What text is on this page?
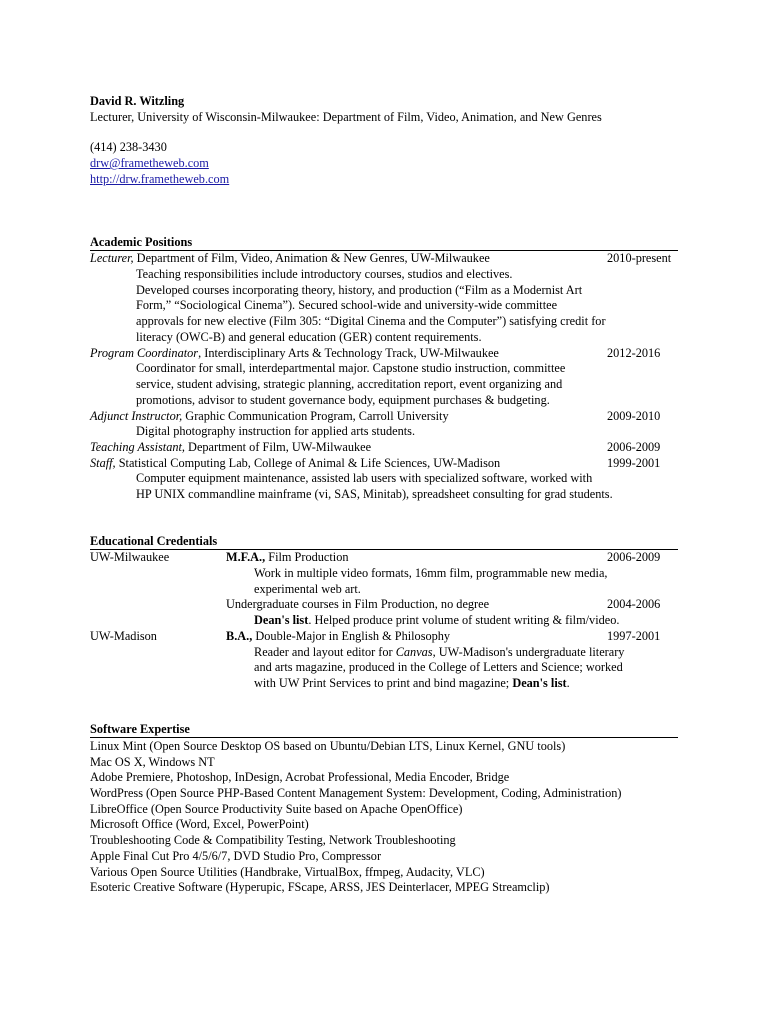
David R. Witzling
Lecturer, University of Wisconsin-Milwaukee: Department of Film, Video, Animation, and New Genres
(414) 238-3430
drw@frametheweb.com
http://drw.frametheweb.com
Academic Positions
Lecturer, Department of Film, Video, Animation & New Genres, UW-Milwaukee	2010-present
Teaching responsibilities include introductory courses, studios and electives.
Developed courses incorporating theory, history, and production (“Film as a Modernist Art
Form,” “Sociological Cinema”). Secured school-wide and university-wide committee
approvals for new elective (Film 305: “Digital Cinema and the Computer”) satisfying credit for
literacy (OWC-B) and general education (GER) content requirements.
Program Coordinator, Interdisciplinary Arts & Technology Track, UW-Milwaukee	2012-2016
Coordinator for small, interdepartmental major. Capstone studio instruction, committee
service, student advising, strategic planning, accreditation report, event organizing and
promotions, advisor to student governance body, equipment purchases & budgeting.
Adjunct Instructor, Graphic Communication Program, Carroll University	2009-2010
Digital photography instruction for applied arts students.
Teaching Assistant, Department of Film, UW-Milwaukee	2006-2009
Staff, Statistical Computing Lab, College of Animal & Life Sciences, UW-Madison	1999-2001
Computer equipment maintenance, assisted lab users with specialized software, worked with
HP UNIX commandline mainframe (vi, SAS, Minitab), spreadsheet consulting for grad students.
Educational Credentials
UW-Milwaukee	M.F.A., Film Production	2006-2009
Work in multiple video formats, 16mm film, programmable new media,
experimental web art.
Undergraduate courses in Film Production, no degree	2004-2006
Dean's list. Helped produce print volume of student writing & film/video.
UW-Madison	B.A., Double-Major in English & Philosophy	1997-2001
Reader and layout editor for Canvas, UW-Madison's undergraduate literary
and arts magazine, produced in the College of Letters and Science; worked
with UW Print Services to print and bind magazine; Dean's list.
Software Expertise
Linux Mint (Open Source Desktop OS based on Ubuntu/Debian LTS, Linux Kernel, GNU tools)
Mac OS X, Windows NT
Adobe Premiere, Photoshop, InDesign, Acrobat Professional, Media Encoder, Bridge
WordPress (Open Source PHP-Based Content Management System: Development, Coding, Administration)
LibreOffice (Open Source Productivity Suite based on Apache OpenOffice)
Microsoft Office (Word, Excel, PowerPoint)
Troubleshooting Code & Compatibility Testing, Network Troubleshooting
Apple Final Cut Pro 4/5/6/7, DVD Studio Pro, Compressor
Various Open Source Utilities (Handbrake, VirtualBox, ffmpeg, Audacity, VLC)
Esoteric Creative Software (Hyperupic, FScape, ARSS, JES Deinterlacer, MPEG Streamclip)
